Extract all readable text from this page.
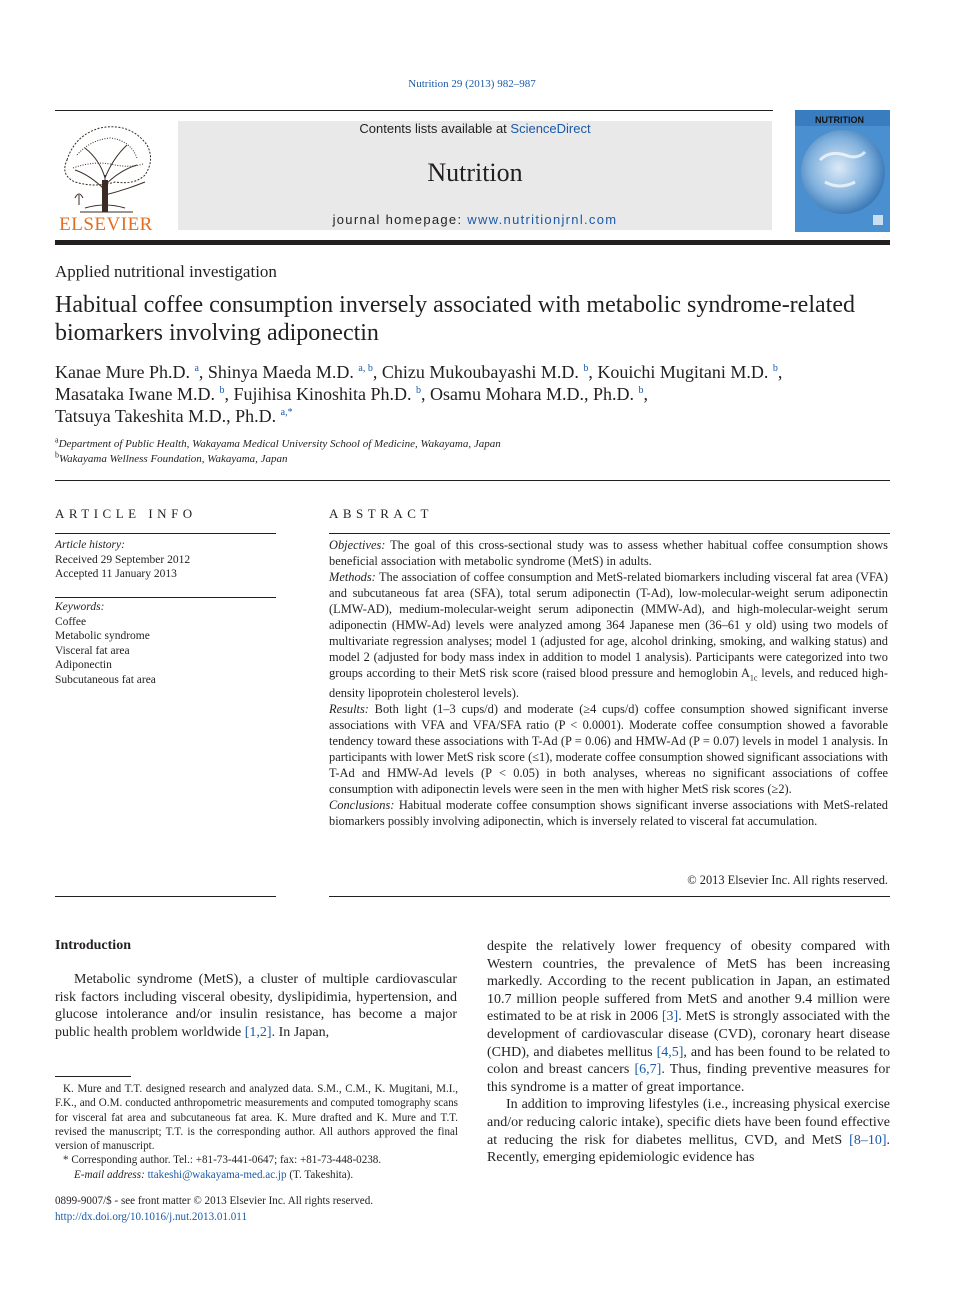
Nutrition 29 (2013) 982–987
ELSEVIER
Contents lists available at ScienceDirect
Nutrition
journal homepage: www.nutritionjrnl.com
NUTRITION
Applied nutritional investigation
Habitual coffee consumption inversely associated with metabolic syndrome-related biomarkers involving adiponectin
Kanae Mure Ph.D. $^a$, Shinya Maeda M.D. $^{a, b}$, Chizu Mukoubayashi M.D. $^b$, Kouichi Mugitani M.D. $^b$,
Masataka Iwane M.D. $^b$, Fujihisa Kinoshita Ph.D. $^b$, Osamu Mohara M.D., Ph.D. $^b$,
Tatsuya Takeshita M.D., Ph.D. $^{a,*}$
$^a$Department of Public Health, Wakayama Medical University School of Medicine, Wakayama, Japan
$^b$Wakayama Wellness Foundation, Wakayama, Japan
ARTICLE INFO
Article history:
Received 29 September 2012
Accepted 11 January 2013
Keywords:
Coffee
Metabolic syndrome
Visceral fat area
Adiponectin
Subcutaneous fat area
ABSTRACT

Objectives: The goal of this cross-sectional study was to assess whether habitual coffee consumption shows beneficial association with metabolic syndrome (MetS) in adults.

Methods: The association of coffee consumption and MetS-related biomarkers including visceral fat area (VFA) and subcutaneous fat area (SFA), total serum adiponectin (T-Ad), low-molecular-weight serum adiponectin (LMW-AD), medium-molecular-weight serum adiponectin (MMW-Ad), and high-molecular-weight serum adiponectin (HMW-Ad) levels were analyzed among 364 Japanese men (36–61 y old) using two models of multivariate regression analyses; model 1 (adjusted for age, alcohol drinking, smoking, and walking status) and model 2 (adjusted for body mass index in addition to model 1 analysis). Participants were categorized into two groups according to their MetS risk score (raised blood pressure and hemoglobin $A_{1c}$ levels, and reduced high-density lipoprotein cholesterol levels).

Results: Both light (1–3 cups/d) and moderate (≥4 cups/d) coffee consumption showed significant inverse associations with VFA and VFA/SFA ratio (P < 0.0001). Moderate coffee consumption showed a favorable tendency toward these associations with T-Ad (P = 0.06) and HMW-Ad (P = 0.07) levels in model 1 analysis. In participants with lower MetS risk score (≤1), moderate coffee consumption showed significant associations with T-Ad and HMW-Ad levels (P < 0.05) in both analyses, whereas no significant associations of coffee consumption with adiponectin levels were seen in the men with higher MetS risk scores (≥2).

Conclusions: Habitual moderate coffee consumption shows significant inverse associations with MetS-related biomarkers possibly involving adiponectin, which is inversely related to visceral fat accumulation.

© 2013 Elsevier Inc. All rights reserved.
Introduction

Metabolic syndrome (MetS), a cluster of multiple cardiovascular risk factors including visceral obesity, dyslipidimia, hypertension, and glucose intolerance and/or insulin resistance, has become a major public health problem worldwide [1,2]. In Japan,

despite the relatively lower frequency of obesity compared with Western countries, the prevalence of MetS has been increasing markedly. According to the recent publication in Japan, an estimated 10.7 million people suffered from MetS and another 9.4 million were estimated to be at risk in 2006 [3]. MetS is strongly associated with the development of cardiovascular disease (CVD), coronary heart disease (CHD), and diabetes mellitus [4,5], and has been found to be related to colon and breast cancers [6,7]. Thus, finding preventive measures for this syndrome is a matter of great importance.

In addition to improving lifestyles (i.e., increasing physical exercise and/or reducing caloric intake), specific diets have been found effective at reducing the risk for diabetes mellitus, CVD, and MetS [8–10]. Recently, emerging epidemiologic evidence has

K. Mure and T.T. designed research and analyzed data. S.M., C.M., K. Mugitani, M.I., F.K., and O.M. conducted anthropometric measurements and computed tomography scans for visceral fat area and subcutaneous fat area. K. Mure drafted and K. Mure and T.T. revised the manuscript; T.T. is the corresponding author. All authors approved the final version of manuscript.

* Corresponding author. Tel.: +81-73-441-0647; fax: +81-73-448-0238.

E-mail address: ttakeshi@wakayama-med.ac.jp (T. Takeshita).

0899-9007/$ - see front matter © 2013 Elsevier Inc. All rights reserved.
http://dx.doi.org/10.1016/j.nut.2013.01.011
